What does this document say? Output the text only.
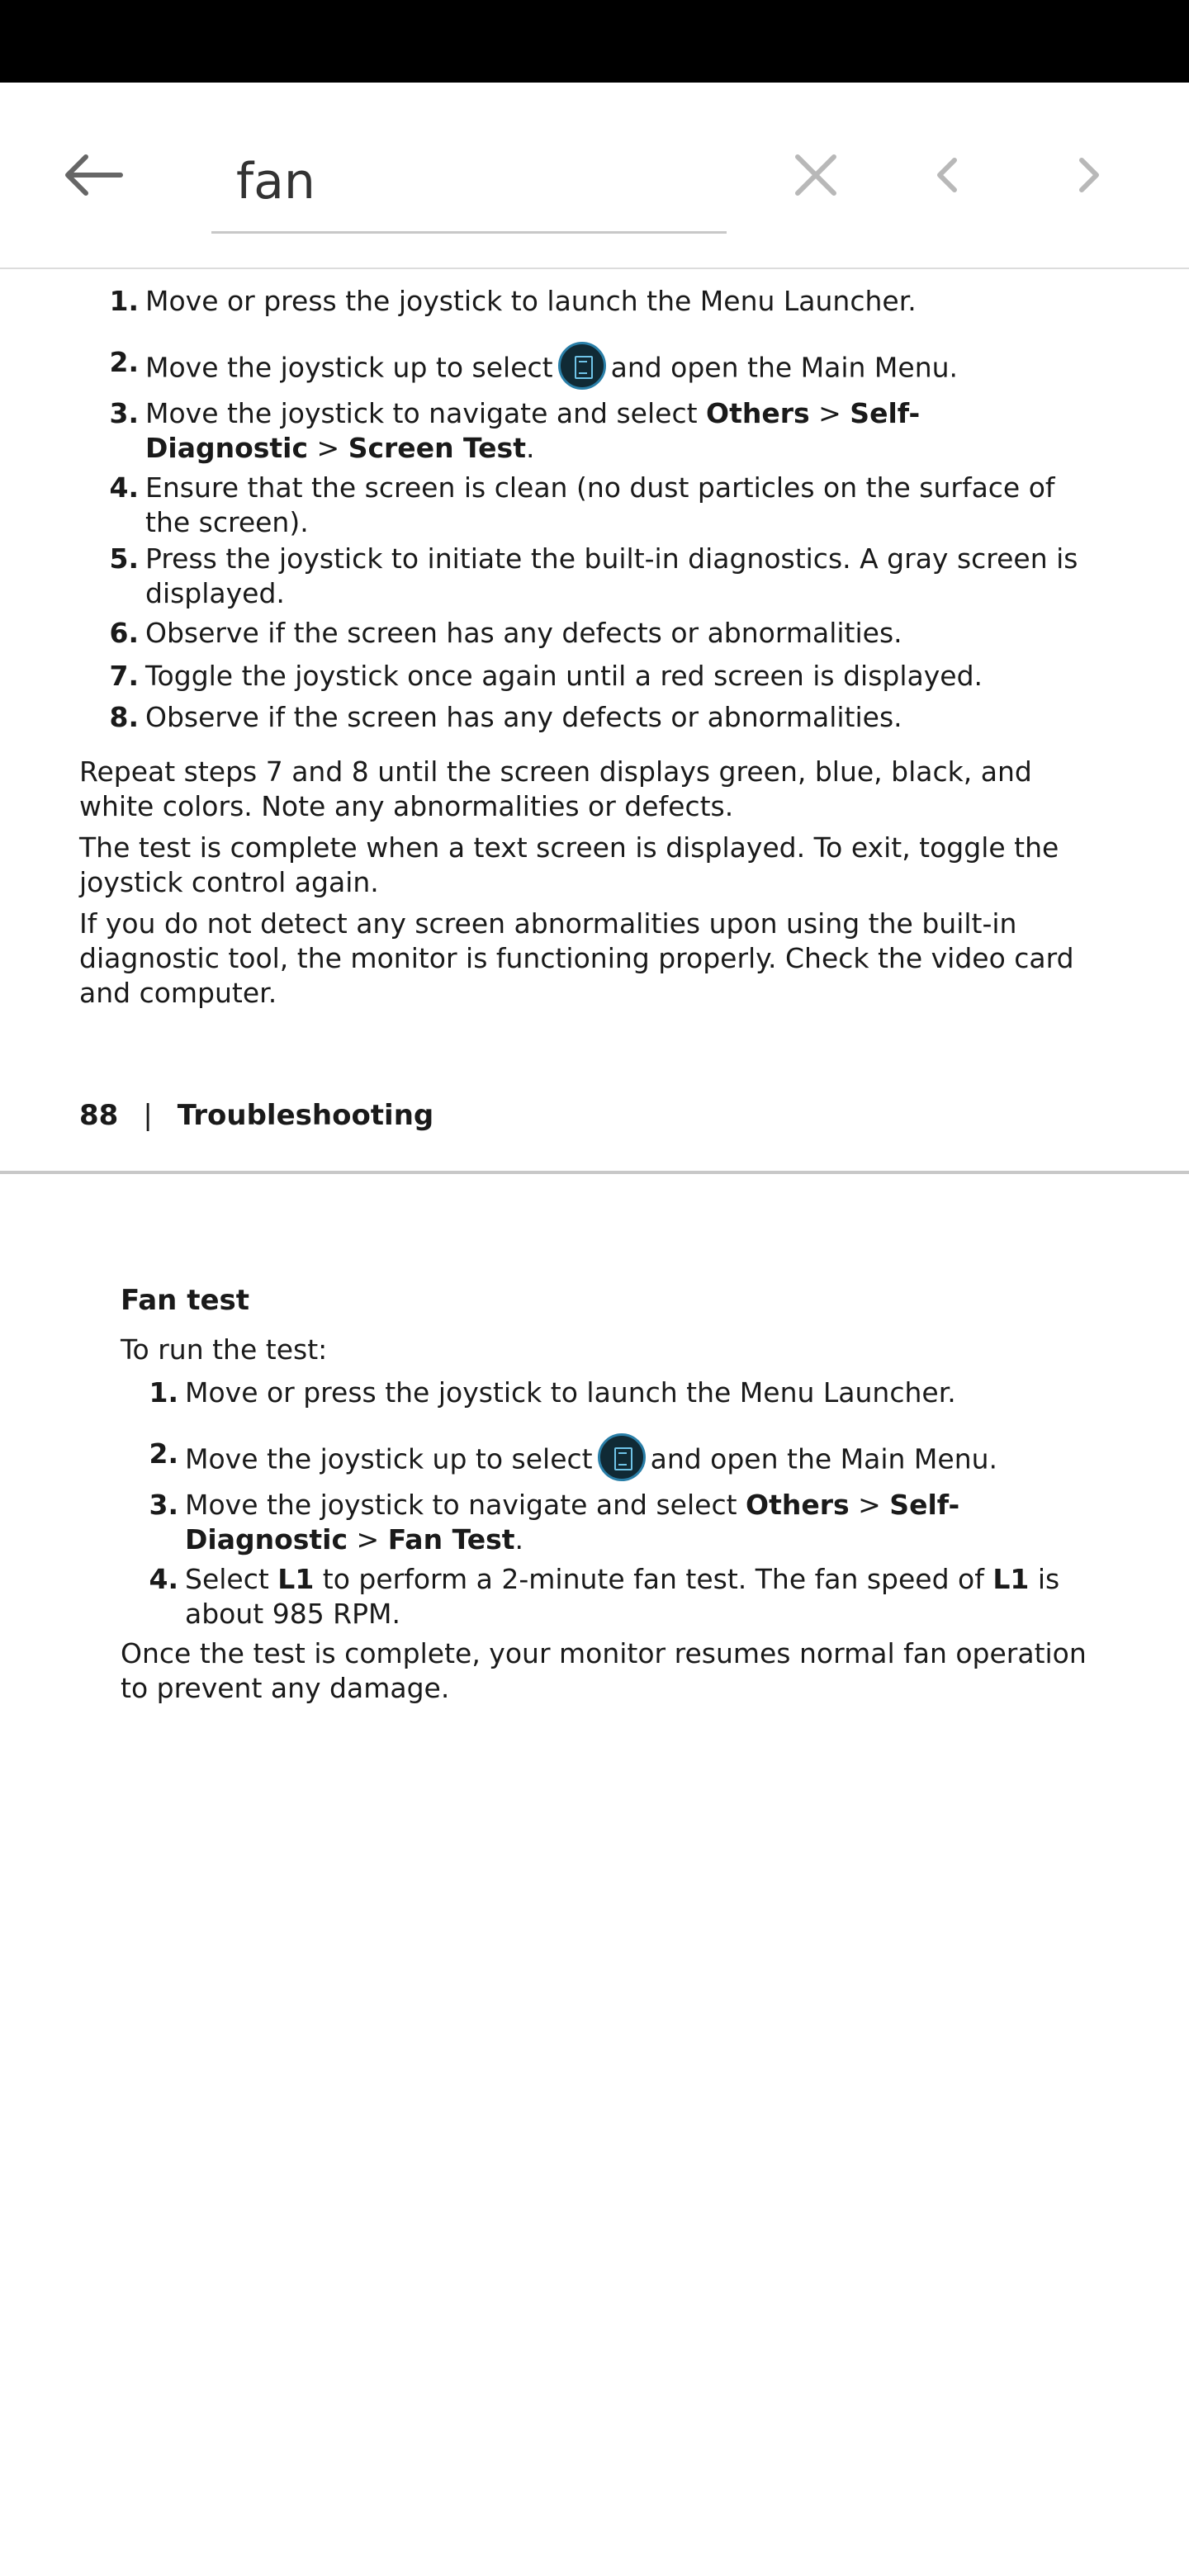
fan
1. Move or press the joystick to launch the Menu Launcher.
2. Move the joystick up to select and open the Main Menu.
3. Move the joystick to navigate and select Others > Self-Diagnostic > Screen Test.
4. Ensure that the screen is clean (no dust particles on the surface of the screen).
5. Press the joystick to initiate the built-in diagnostics. A gray screen is displayed.
6. Observe if the screen has any defects or abnormalities.
7. Toggle the joystick once again until a red screen is displayed.
8. Observe if the screen has any defects or abnormalities.

Repeat steps 7 and 8 until the screen displays green, blue, black, and white colors. Note any abnormalities or defects.

The test is complete when a text screen is displayed. To exit, toggle the joystick control again.

If you do not detect any screen abnormalities upon using the built-in diagnostic tool, the monitor is functioning properly. Check the video card and computer.

88 | Troubleshooting
Fan test

To run the test:

1. Move or press the joystick to launch the Menu Launcher.
2. Move the joystick up to select and open the Main Menu.
3. Move the joystick to navigate and select Others > Self-Diagnostic > Fan Test.
4. Select L1 to perform a 2-minute fan test. The fan speed of L1 is about 985 RPM.

Once the test is complete, your monitor resumes normal fan operation to prevent any damage.
